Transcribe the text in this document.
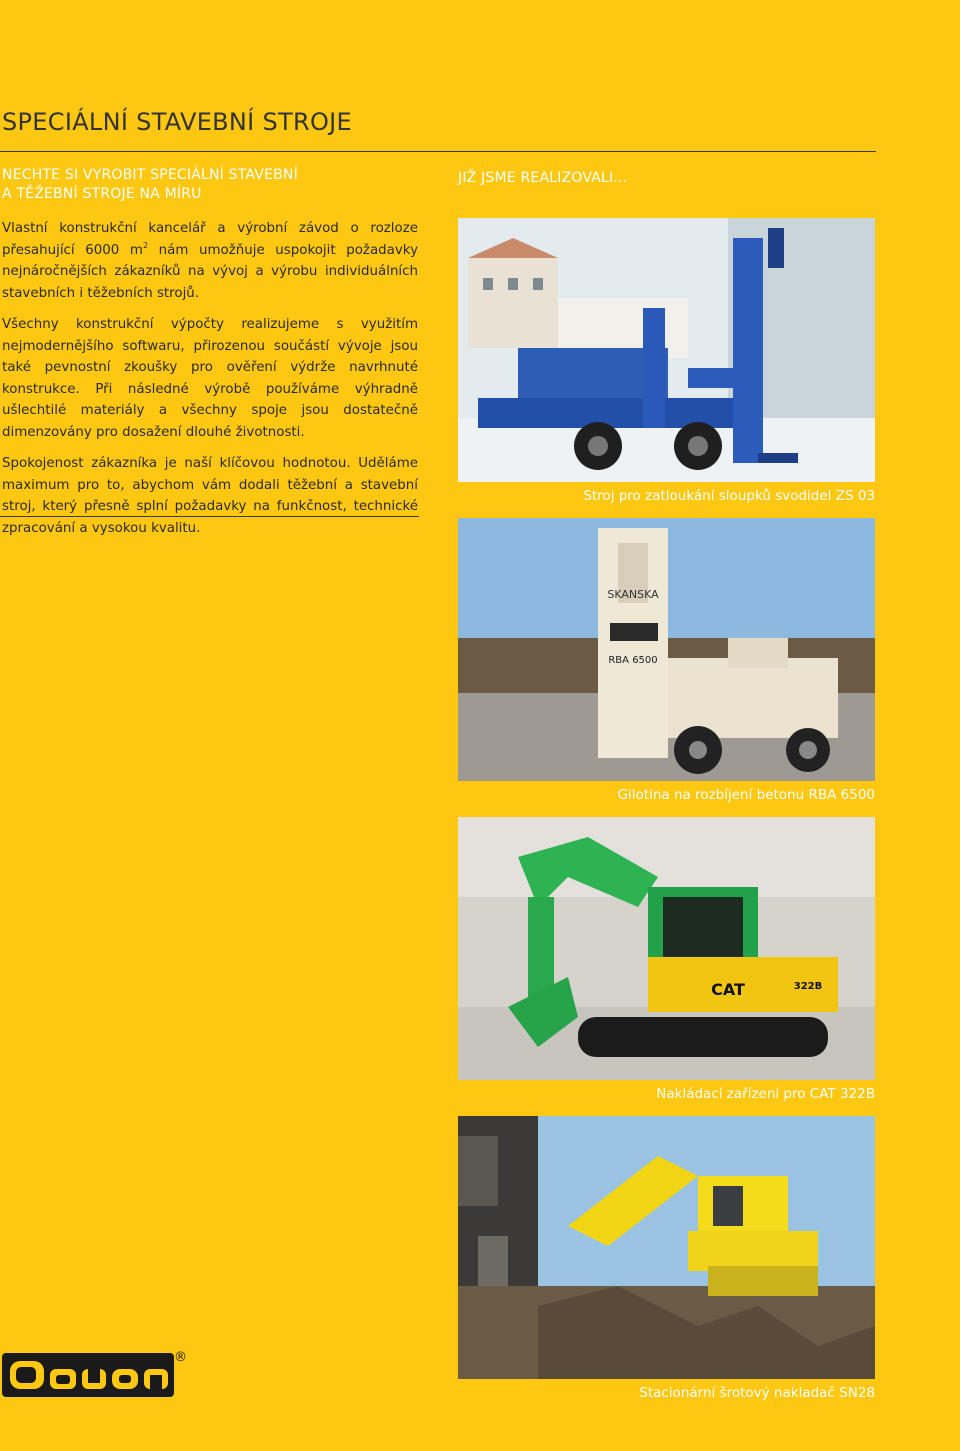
SPECIÁLNÍ STAVEBNÍ STROJE
NECHTE SI VYROBIT SPECIÁLNÍ STAVEBNÍ
A TĚŽEBNÍ STROJE NA MÍRU

Vlastní konstrukční kancelář a výrobní závod o rozloze přesahující 6000 $m^2$ nám umožňuje uspokojit požadavky nejnáročnějších zákazníků na vývoj a výrobu individuálních stavebních i těžebních strojů.

Všechny konstrukční výpočty realizujeme s využitím nejmodernějšího softwaru, přirozenou součástí vývoje jsou také pevnostní zkoušky pro ověření výdrže navrhnuté konstrukce. Při následné výrobě používáme výhradně ušlechtilé materiály a všechny spoje jsou dostatečně dimenzovány pro dosažení dlouhé životnosti.

Spokojenost zákazníka je naší klíčovou hodnotou. Uděláme maximum pro to, abychom vám dodali těžební a stavební stroj, který přesně splní požadavky na funkčnost, technické zpracování a vysokou kvalitu.

JIŽ JSME REALIZOVALI...

Stroj pro zatloukání sloupků svodidel ZS 03

SKANSKA
RBA 6500

Gilotina na rozbíjení betonu RBA 6500

CAT	322B

Nakládací zařízení pro CAT 322B

Stacionární šrotový nakladač SN28

®
